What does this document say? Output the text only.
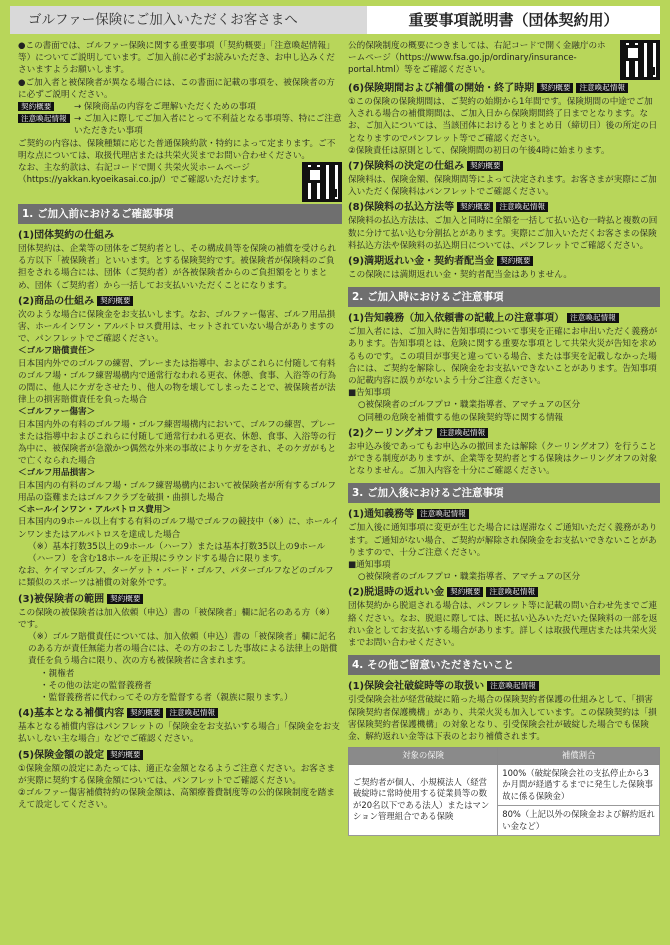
ゴルファー保険にご加入いただくお客さまへ	重要事項説明書（団体契約用）
●この書面では、ゴルファー保険に関する重要事項（「契約概要」「注意喚起情報」等）についてご説明しています。ご加入前に必ずお読みいただき、お申し込みくださいますようお願いします。
●ご加入者と被保険者が異なる場合には、この書面に記載の事項を、被保険者の方に必ずご説明ください。
契約概要	→ 保険商品の内容をご理解いただくための事項
注意喚起情報 → ご加入に際してご加入者にとって不利益となる事項等、特にご注意いただきたい事項
ご契約の内容は、保険種類に応じた普通保険約款・特約によって定まります。ご不明な点については、取扱代理店または共栄火災までお問い合わせください。
なお、主な約款は、右記コードで開く共栄火災ホームページ（https://yakkan.kyoeikasai.co.jp/）でご確認いただけます。
1. ご加入前におけるご確認事項
(1)団体契約の仕組み
団体契約は、企業等の団体をご契約者とし、その構成員等を保険の補償を受けられる方以下「被保険者」といいます。とする保険契約です。被保険者が保険料のご負担をされる場合には、団体（ご契約者）が各被保険者からのご負担額をとりまとめ、団体（ご契約者）から一括してお支払いいただくことになります。
(2)商品の仕組み 契約概要
次のような場合に保険金をお支払いします。なお、ゴルファー傷害、ゴルフ用品損害、ホールインワン・アルバトロス費用は、セットされていない場合がありますので、パンフレットでご確認ください。
＜ゴルフ賠償責任＞
日本国内外でのゴルフの練習、プレーまたは指導中、およびこれらに付随して有料のゴルフ場・ゴルフ練習場構内で通常行なわれる更衣、休憩、食事、入浴等の行為の間に、他人にケガをさせたり、他人の物を壊してしまったことで、被保険者が法律上の損害賠償責任を負った場合
＜ゴルファー傷害＞
日本国内外の有料のゴルフ場・ゴルフ練習場構内において、ゴルフの練習、プレーまたは指導中およびこれらに付随して通常行われる更衣、休憩、食事、入浴等の行為中に、被保険者が急激かつ偶然な外来の事故によりケガをされ、そのケガがもとで亡くなられた場合
＜ゴルフ用品損害＞
日本国内の有料のゴルフ場・ゴルフ練習場構内において被保険者が所有するゴルフ用品の盗難またはゴルフクラブを破損・曲損した場合
＜ホールインワン・アルバトロス費用＞
日本国内の9ホール以上有する有料のゴルフ場でゴルフの競技中（※）に、ホールインワンまたはアルバトロスを達成した場合
（※）基本打数35以上の9ホール（ハーフ）または基本打数35以上の9ホール（ハーフ）を含む18ホールを正規にラウンドする場合に限ります。
なお、ケイマンゴルフ、ターゲット・バード・ゴルフ、パターゴルフなどのゴルフに類似のスポーツは補償の対象外です。
(3)被保険者の範囲 契約概要
この保険の被保険者は加入依頼（申込）書の「被保険者」欄に記名のある方（※）です。
（※）ゴルフ賠償責任については、加入依頼（申込）書の「被保険者」欄に記名のある方が責任無能力者の場合には、その方のおこした事故による法律上の賠償責任を負う場合に限り、次の方も被保険者に含まれます。
・親権者
・その他の法定の監督義務者
・監督義務者に代わってその方を監督する者（親族に限ります。）
(4)基本となる補償内容 契約概要 注意喚起情報
基本となる補償内容はパンフレットの「保険金をお支払いする場合」「保険金をお支払いしない主な場合」などでご確認ください。
(5)保険金額の設定 契約概要
①保険金額の設定にあたっては、適正な金額となるようご注意ください。お客さまが実際に契約する保険金額については、パンフレットでご確認ください。
②ゴルファー傷害補償特約の保険金額は、高額療養費制度等の公的保険制度を踏まえて設定してください。
公的保険制度の概要につきましては、右記コードで開く金融庁のホームページ（https://www.fsa.go.jp/ordinary/insurance-portal.html）等をご確認ください。
(6)保険期間および補償の開始・終了時期 契約概要 注意喚起情報
①この保険の保険期間は、ご契約の始期から1年間です。保険期間の中途でご加入される場合の補償期間は、ご加入日から保険期間終了日までとなります。なお、ご加入については、当該団体におけるとりまとめ日（締切日）後の所定の日となりますのでパンフレット等でご確認ください。
②保険責任は原則として、保険期間の初日の午後4時に始まります。
(7)保険料の決定の仕組み 契約概要
保険料は、保険金額、保険期間等によって決定されます。お客さまが実際にご加入いただく保険料はパンフレットでご確認ください。
(8)保険料の払込方法等 契約概要 注意喚起情報
保険料の払込方法は、ご加入と同時に全額を一括して払い込む一時払と複数の回数に分けて払い込む分割払とがあります。実際にご加入いただくお客さまの保険料払込方法や保険料の払込期日については、パンフレットでご確認ください。
(9)満期返れい金・契約者配当金 契約概要
この保険には満期返れい金・契約者配当金はありません。
2. ご加入時におけるご注意事項
(1)告知義務（加入依頼書の記載上の注意事項） 注意喚起情報
ご加入者には、ご加入時に告知事項について事実を正確にお申出いただく義務があります。告知事項とは、危険に関する重要な事項として共栄火災が告知を求めるものです。この項目が事実と違っている場合、または事実を記載しなかった場合には、ご契約を解除し、保険金をお支払いできないことがあります。告知事項の記載内容に誤りがないよう十分ご注意ください。
■告知事項
○被保険者のゴルフプロ・職業指導者、アマチュアの区分
○同種の危険を補償する他の保険契約等に関する情報
(2)クーリングオフ 注意喚起情報
お申込み後であってもお申込みの撤回または解除（クーリングオフ）を行うことができる制度がありますが、企業等を契約者とする保険はクーリングオフの対象となりません。ご加入内容を十分にご確認ください。
3. ご加入後におけるご注意事項
(1)通知義務等 注意喚起情報
ご加入後に通知事項に変更が生じた場合には遅滞なくご通知いただく義務があります。ご通知がない場合、ご契約が解除され保険金をお支払いできないことがありますので、十分ご注意ください。
■通知事項
○被保険者のゴルフプロ・職業指導者、アマチュアの区分
(2)脱退時の返れい金 契約概要 注意喚起情報
団体契約から脱退される場合は、パンフレット等に記載の問い合わせ先までご連絡ください。なお、脱退に際しては、既に払い込みいただいた保険料の一部を返れい金としてお支払いする場合があります。詳しくは取扱代理店または共栄火災までお問い合わせください。
4. その他ご留意いただきたいこと
(1)保険会社破綻時等の取扱い 注意喚起情報
引受保険会社が経営破綻に陥った場合の保険契約者保護の仕組みとして、「損害保険契約者保護機構」があり、共栄火災も加入しています。この保険契約は「損害保険契約者保護機構」の対象となり、引受保険会社が破綻した場合でも保険金、解約返れい金等は下表のとおり補償されます。
対象の保険	補償割合
ご契約者が個人、小規模法人（経営破綻時に常時使用する従業員等の数が20名以下である法人）またはマンション管理組合である保険	100%（破綻保険会社の支払停止から3か月間が経過するまでに発生した保険事故に係る保険金）
	80%（上記以外の保険金および解約返れい金など）
